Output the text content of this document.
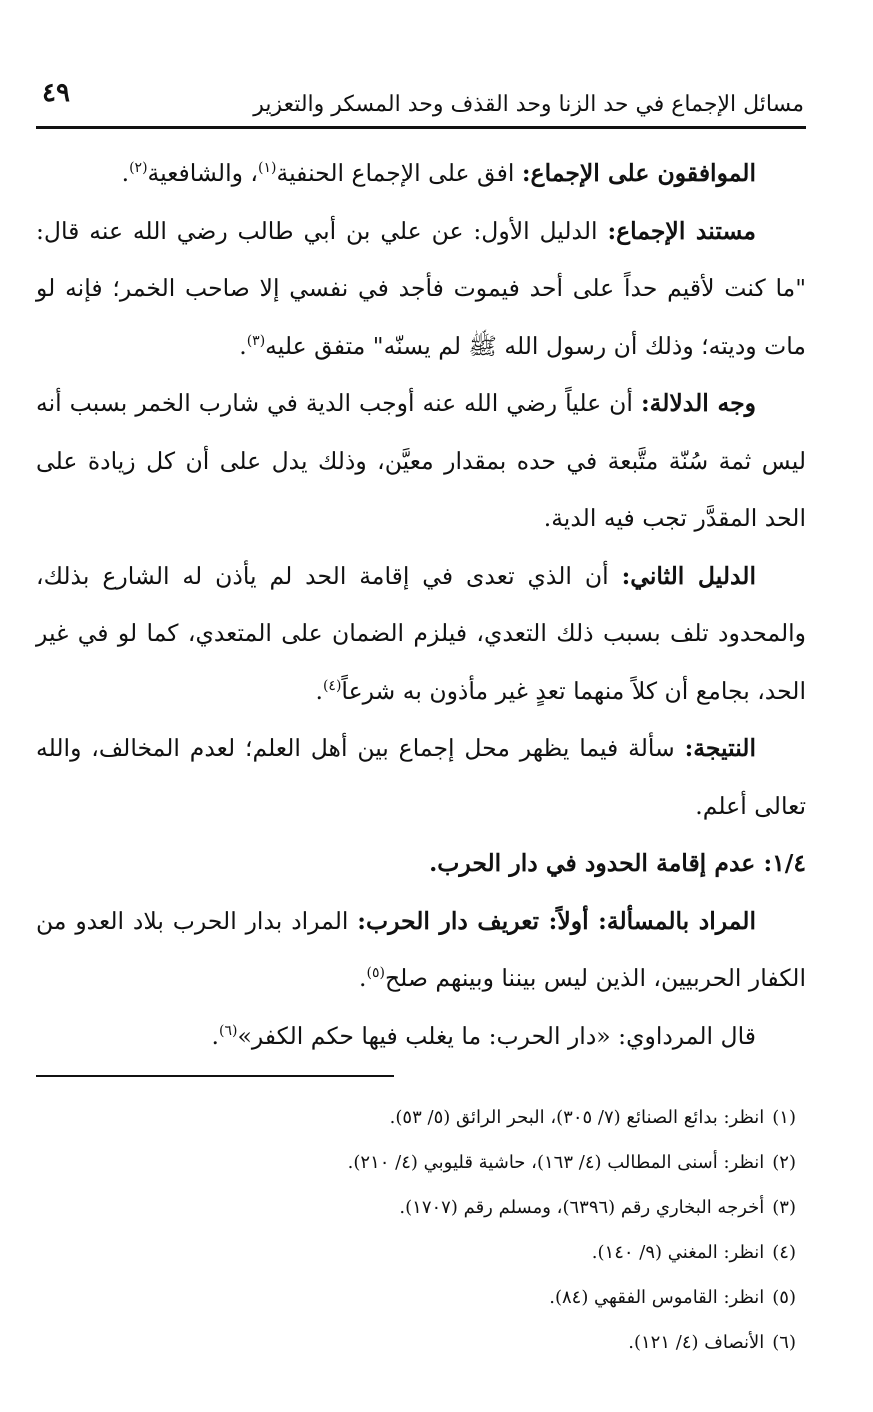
مسائل الإجماع في حد الزنا وحد القذف وحد المسكر والتعزير
٤٩

الموافقون على الإجماع: افق على الإجماع الحنفية$^{(١)}$، والشافعية$^{(٢)}$.

مستند الإجماع: الدليل الأول: عن علي بن أبي طالب رضي الله عنه قال: "ما كنت لأقيم حداً على أحد فيموت فأجد في نفسي إلا صاحب الخمر؛ فإنه لو مات وديته؛ وذلك أن رسول الله ﷺ لم يسنّه" متفق عليه$^{(٣)}$.

وجه الدلالة: أن علياً رضي الله عنه أوجب الدية في شارب الخمر بسبب أنه ليس ثمة سُنّة متَّبعة في حده بمقدار معيَّن، وذلك يدل على أن كل زيادة على الحد المقدَّر تجب فيه الدية.

الدليل الثاني: أن الذي تعدى في إقامة الحد لم يأذن له الشارع بذلك، والمحدود تلف بسبب ذلك التعدي، فيلزم الضمان على المتعدي، كما لو في غير الحد، بجامع أن كلاً منهما تعدٍ غير مأذون به شرعاً$^{(٤)}$.

النتيجة: سألة فيما يظهر محل إجماع بين أهل العلم؛ لعدم المخالف، والله تعالى أعلم.

١/٤: عدم إقامة الحدود في دار الحرب.

المراد بالمسألة: أولاً: تعريف دار الحرب: المراد بدار الحرب بلاد العدو من الكفار الحربيين، الذين ليس بيننا وبينهم صلح$^{(٥)}$.

قال المرداوي: «دار الحرب: ما يغلب فيها حكم الكفر»$^{(٦)}$.

(١)انظر: بدائع الصنائع (٧/ ٣٠٥)، البحر الرائق (٥/ ٥٣).
(٢)انظر: أسنى المطالب (٤/ ١٦٣)، حاشية قليوبي (٤/ ٢١٠).
(٣)أخرجه البخاري رقم (٦٣٩٦)، ومسلم رقم (١٧٠٧).
(٤)انظر: المغني (٩/ ١٤٠).
(٥)انظر: القاموس الفقهي (٨٤).
(٦)الأنصاف (٤/ ١٢١).
